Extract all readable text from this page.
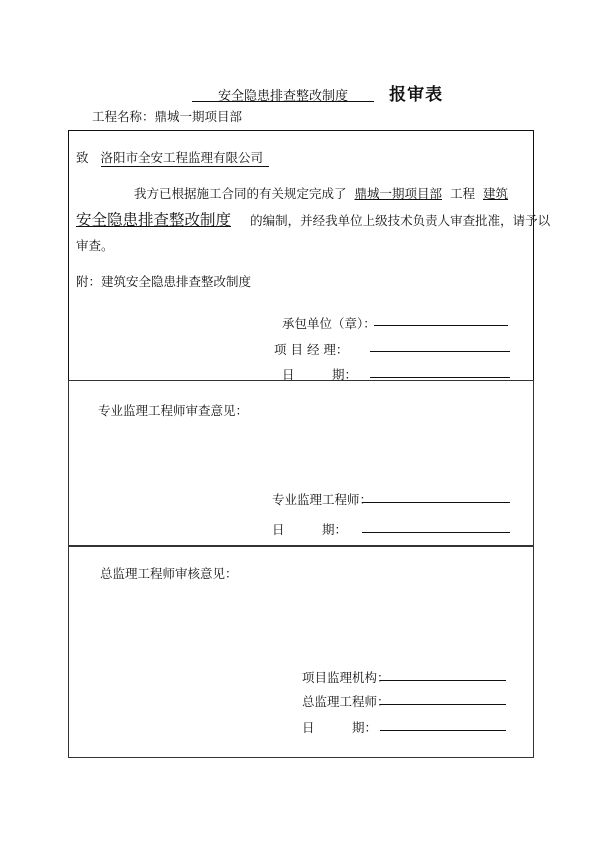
　　安全隐患排查整改制度　　 报审表
工程名称：鼎城一期项目部
致 洛阳市全安工程监理有限公司
我方已根据施工合同的有关规定完成了 鼎城一期项目部 工程 建筑
安全隐患排查整改制度 的编制，并经我单位上级技术负责人审查批准，请予以
审查。
附：建筑安全隐患排查整改制度
承包单位（章）：
项 目 经 理：
日　　　期：
专业监理工程师审查意见：
专业监理工程师：
日　　　期：
总监理工程师审核意见：
项目监理机构：
总监理工程师：
日　　　期：
